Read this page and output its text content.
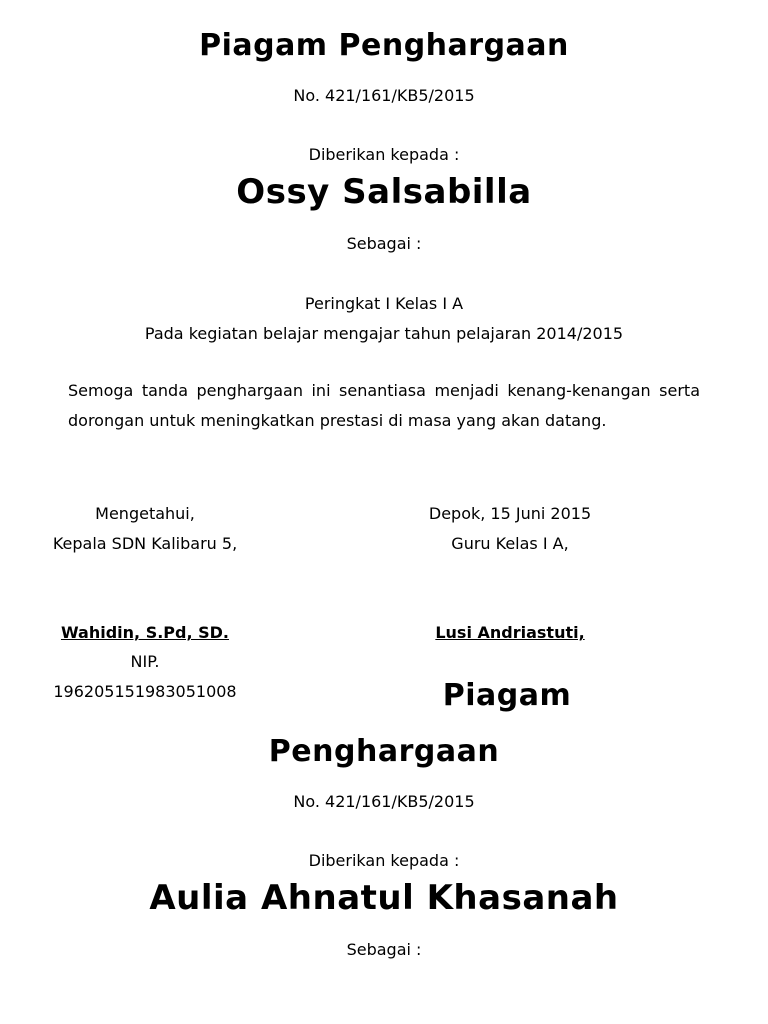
Piagam Penghargaan
No. 421/161/KB5/2015
Diberikan kepada :
Ossy Salsabilla
Sebagai :
Peringkat I Kelas I A
Pada kegiatan belajar mengajar tahun pelajaran 2014/2015
Semoga tanda penghargaan ini senantiasa menjadi kenang-kenangan serta dorongan untuk meningkatkan prestasi di masa yang akan datang.
Mengetahui,
Kepala SDN Kalibaru 5,
Wahidin, S.Pd, SD.
NIP.
196205151983051008
Depok, 15 Juni 2015
Guru Kelas I A,
Lusi Andriastuti,
Piagam
Penghargaan
No. 421/161/KB5/2015
Diberikan kepada :
Aulia Ahnatul Khasanah
Sebagai :
